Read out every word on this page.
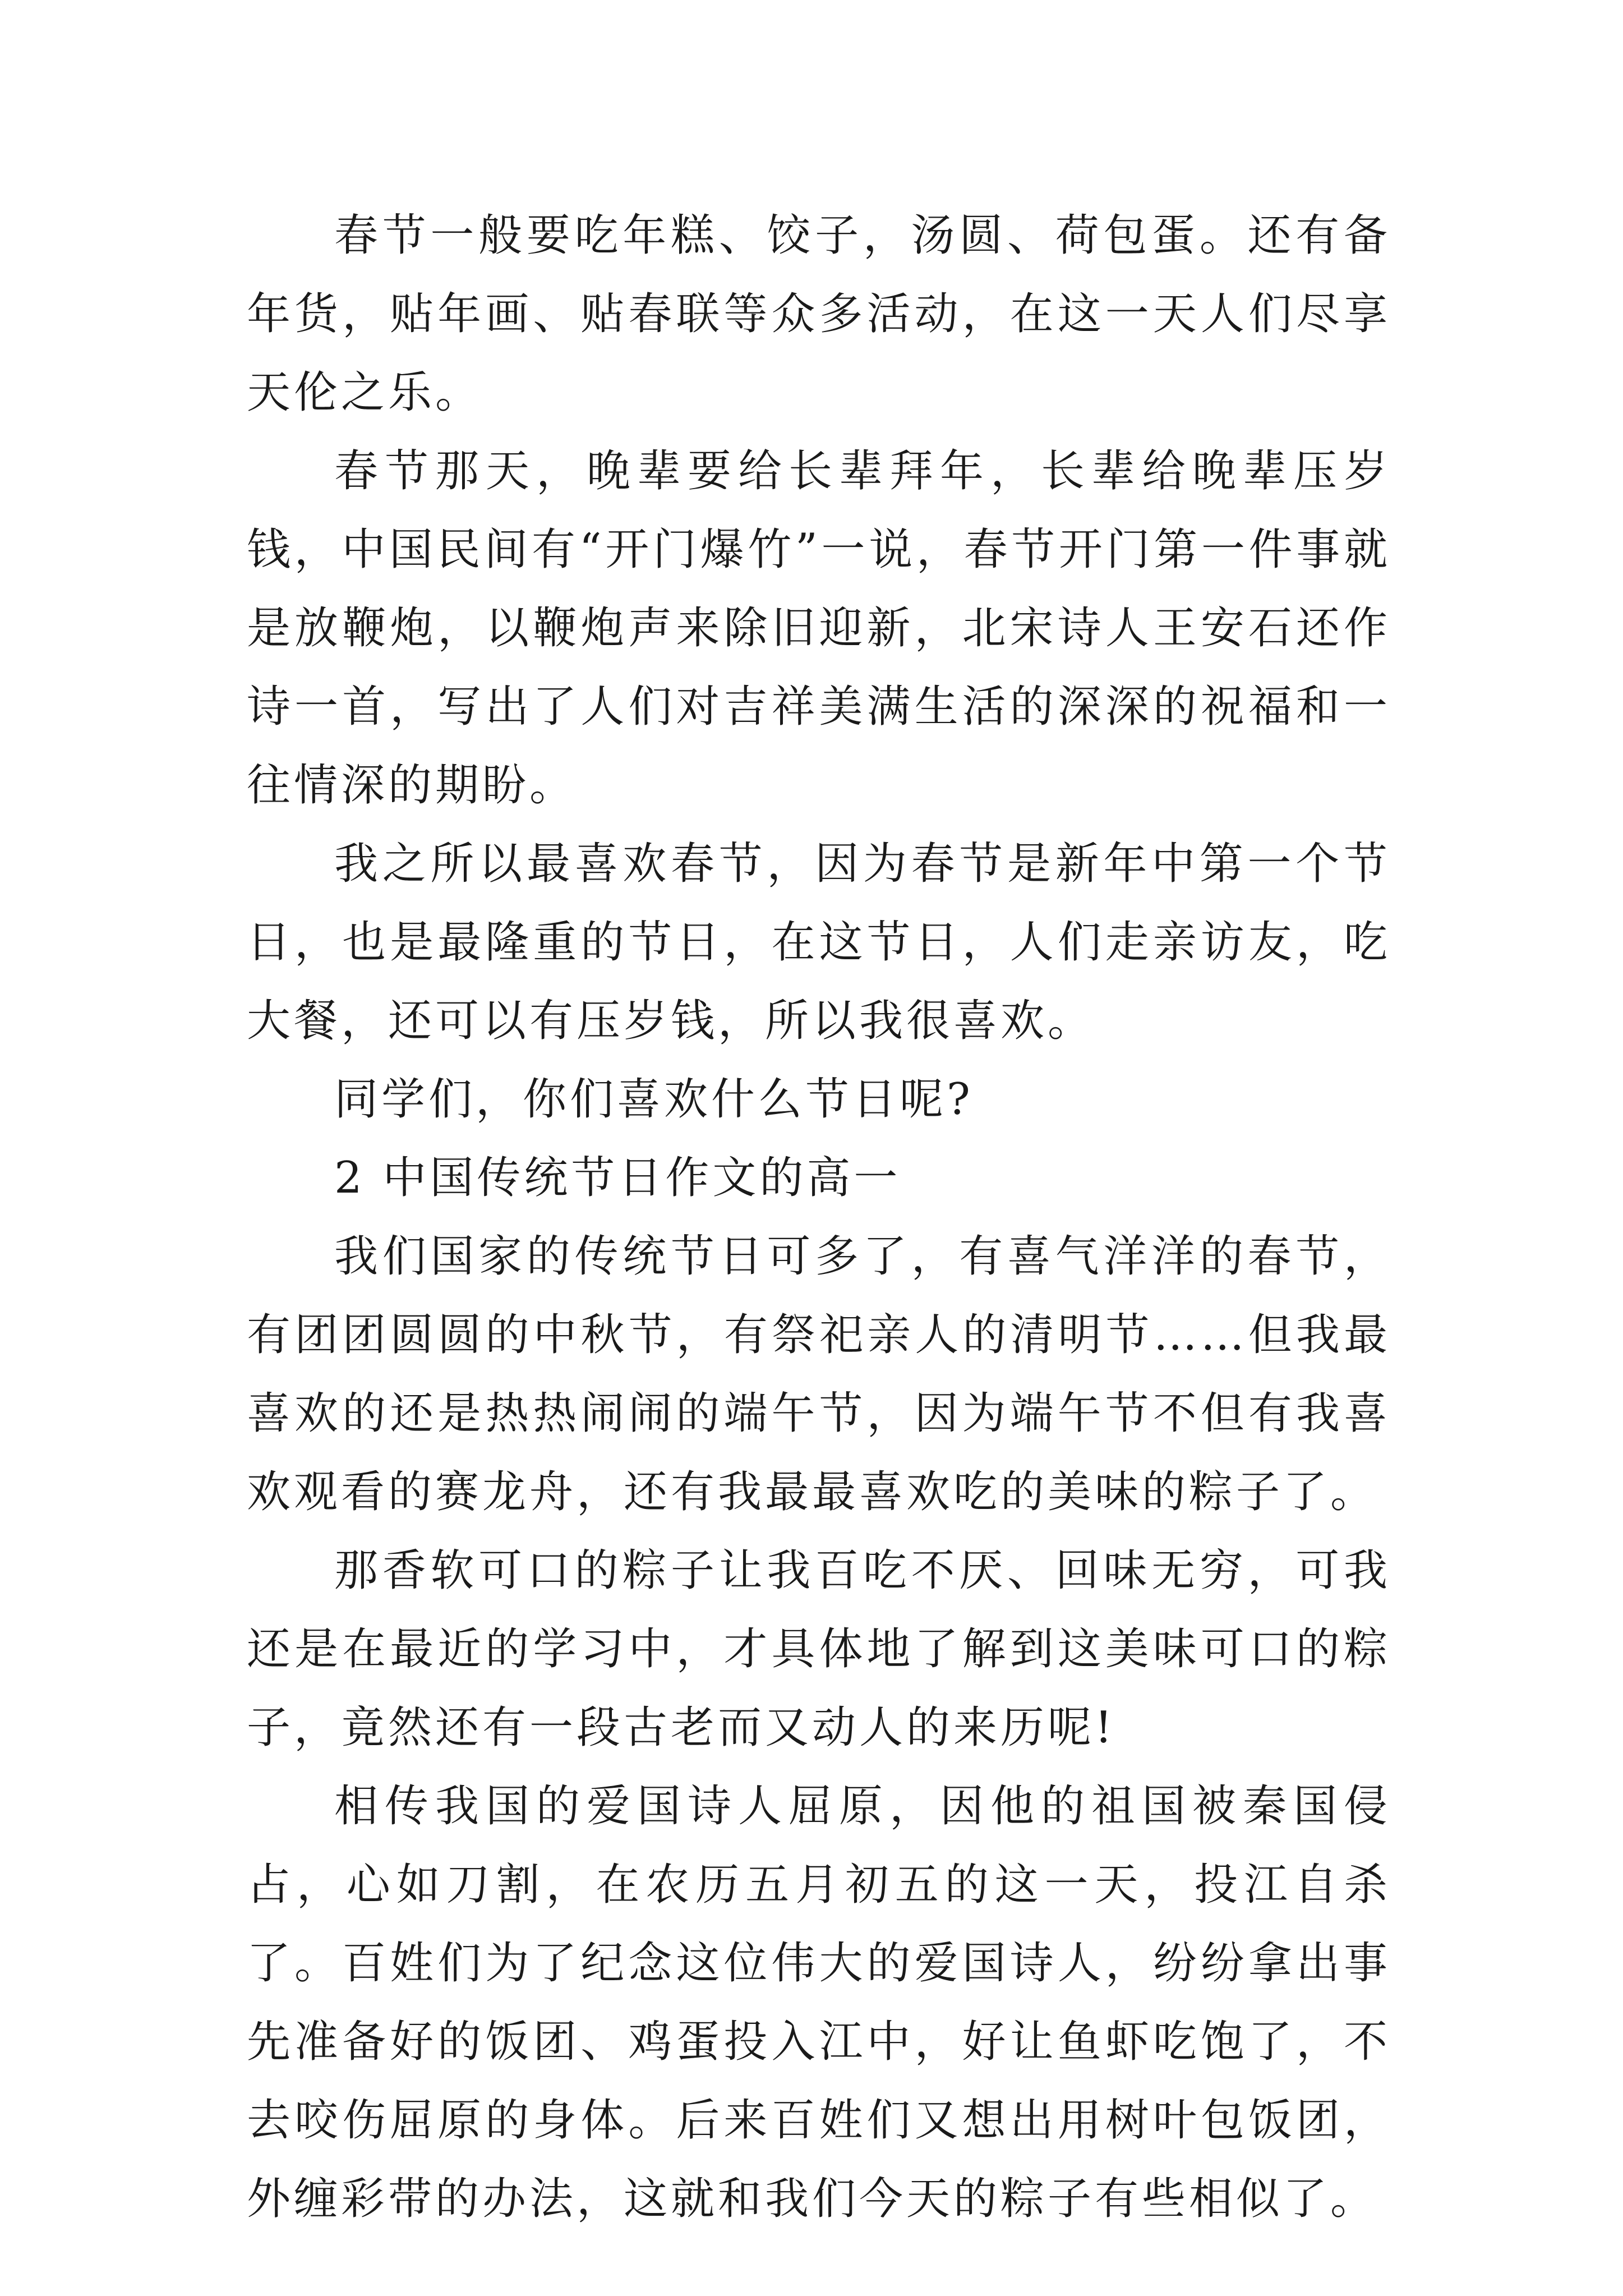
春节一般要吃年糕、饺子，汤圆、荷包蛋。还有备年货，贴年画、贴春联等众多活动，在这一天人们尽享天伦之乐。

春节那天，晚辈要给长辈拜年，长辈给晚辈压岁钱，中国民间有“开门爆竹”一说，春节开门第一件事就是放鞭炮，以鞭炮声来除旧迎新，北宋诗人王安石还作诗一首，写出了人们对吉祥美满生活的深深的祝福和一往情深的期盼。

我之所以最喜欢春节，因为春节是新年中第一个节日，也是最隆重的节日，在这节日，人们走亲访友，吃大餐，还可以有压岁钱，所以我很喜欢。

同学们，你们喜欢什么节日呢?

2 中国传统节日作文的高一

我们国家的传统节日可多了，有喜气洋洋的春节，有团团圆圆的中秋节，有祭祀亲人的清明节……但我最喜欢的还是热热闹闹的端午节，因为端午节不但有我喜欢观看的赛龙舟，还有我最最喜欢吃的美味的粽子了。

那香软可口的粽子让我百吃不厌、回味无穷，可我还是在最近的学习中，才具体地了解到这美味可口的粽子，竟然还有一段古老而又动人的来历呢!

相传我国的爱国诗人屈原，因他的祖国被秦国侵占，心如刀割，在农历五月初五的这一天，投江自杀了。百姓们为了纪念这位伟大的爱国诗人，纷纷拿出事先准备好的饭团、鸡蛋投入江中，好让鱼虾吃饱了，不去咬伤屈原的身体。后来百姓们又想出用树叶包饭团，外缠彩带的办法，这就和我们今天的粽子有些相似了。
